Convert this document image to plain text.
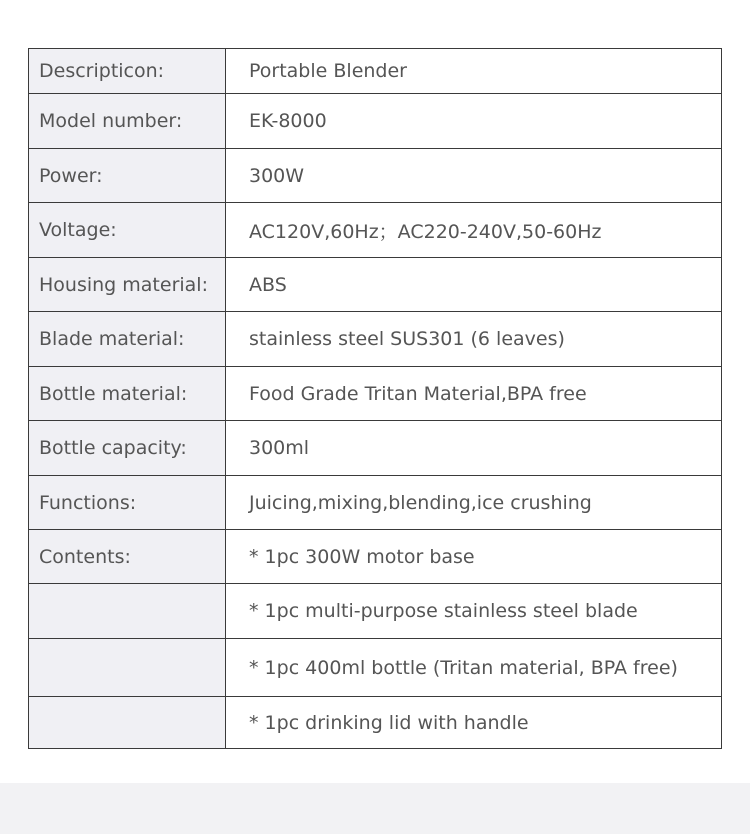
Descripticon:	Portable Blender
Model number:	EK-8000
Power:	300W
Voltage:	AC120V,60Hz；AC220-240V,50-60Hz
Housing material:	ABS
Blade material:	stainless steel SUS301 (6 leaves)
Bottle material:	Food Grade Tritan Material,BPA free
Bottle capacity:	300ml
Functions:	Juicing,mixing,blending,ice crushing
Contents:	* 1pc 300W motor base
	* 1pc multi-purpose stainless steel blade
	* 1pc 400ml bottle (Tritan material, BPA free)
	* 1pc drinking lid with handle
